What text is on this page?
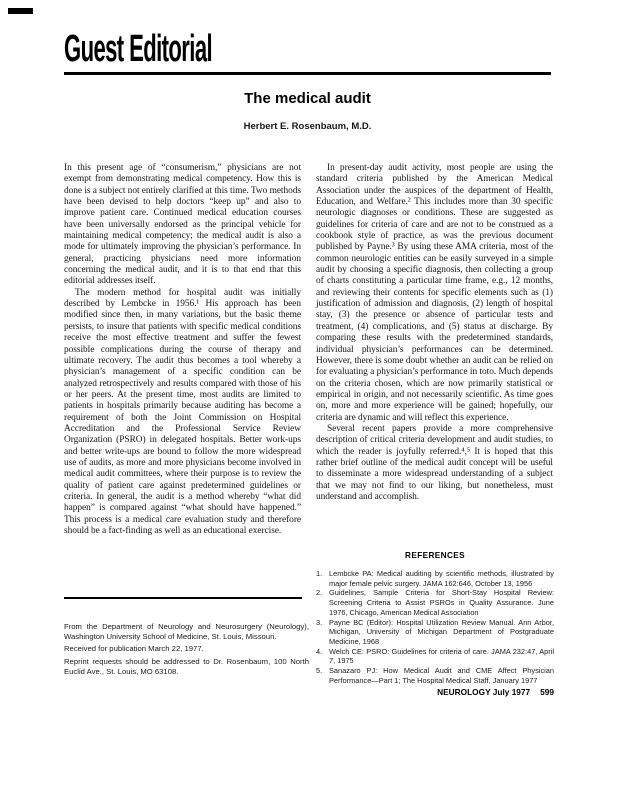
Guest Editorial
The medical audit
Herbert E. Rosenbaum, M.D.

In this present age of “consumerism,” physicians are not exempt from demonstrating medical competency. How this is done is a subject not entirely clarified at this time. Two methods have been devised to help doctors “keep up” and also to improve patient care. Continued medical education courses have been universally endorsed as the principal vehicle for maintaining medical competency; the medical audit is also a mode for ultimately improving the physician’s performance. In general, practicing physicians need more information concerning the medical audit, and it is to that end that this editorial addresses itself.

The modern method for hospital audit was initially described by Lembcke in 1956.¹ His approach has been modified since then, in many variations, but the basic theme persists, to insure that patients with specific medical conditions receive the most effective treatment and suffer the fewest possible complications during the course of therapy and ultimate recovery. The audit thus becomes a tool whereby a physician’s management of a specific condition can be analyzed retrospectively and results compared with those of his or her peers. At the present time, most audits are limited to patients in hospitals primarily because auditing has become a requirement of both the Joint Commission on Hospital Accreditation and the Professional Service Review Organization (PSRO) in delegated hospitals. Better work-ups and better write-ups are bound to follow the more widespread use of audits, as more and more physicians become involved in medical audit committees, where their purpose is to review the quality of patient care against predetermined guidelines or criteria. In general, the audit is a method whereby “what did happen” is compared against “what should have happened.” This process is a medical care evaluation study and therefore should be a fact-finding as well as an educational exercise.

In present-day audit activity, most people are using the standard criteria published by the American Medical Association under the auspices of the department of Health, Education, and Welfare.² This includes more than 30 specific neurologic diagnoses or conditions. These are suggested as guidelines for criteria of care and are not to be construed as a cookbook style of practice, as was the previous document published by Payne.³ By using these AMA criteria, most of the common neurologic entities can be easily surveyed in a simple audit by choosing a specific diagnosis, then collecting a group of charts constituting a particular time frame, e.g., 12 months, and reviewing their contents for specific elements such as (1) justification of admission and diagnosis, (2) length of hospital stay, (3) the presence or absence of particular tests and treatment, (4) complications, and (5) status at discharge. By comparing these results with the predetermined standards, individual physician’s performances can be determined. However, there is some doubt whether an audit can be relied on for evaluating a physician’s performance in toto. Much depends on the criteria chosen, which are now primarily statistical or empirical in origin, and not necessarily scientific. As time goes on, more and more experience will be gained; hopefully, our criteria are dynamic and will reflect this experience.

Several recent papers provide a more comprehensive description of critical criteria development and audit studies, to which the reader is joyfully referred.⁴,⁵ It is hoped that this rather brief outline of the medical audit concept will be useful to disseminate a more widespread understanding of a subject that we may not find to our liking, but nonetheless, must understand and accomplish.

From the Department of Neurology and Neurosurgery (Neurology), Washington University School of Medicine, St. Louis, Missouri.

Received for publication March 22, 1977.

Reprint requests should be addressed to Dr. Rosenbaum, 100 North Euclid Ave., St. Louis, MO 63108.

REFERENCES
1. Lembcke PA: Medical auditing by scientific methods, illustrated by major female pelvic surgery. JAMA 162:646, October 13, 1956
2. Guidelines, Sample Criteria for Short-Stay Hospital Review: Screening Criteria to Assist PSROs in Quality Assurance. June 1976, Chicago, American Medical Association
3. Payne BC (Editor): Hospital Utilization Review Manual. Ann Arbor, Michigan, University of Michigan Department of Postgraduate Medicine, 1968
4. Welch CE: PSRO: Guidelines for criteria of care. JAMA 232:47, April 7, 1975
5. Sanazaro PJ: How Medical Audit and CME Affect Physician Performance—Part 1; The Hospital Medical Staff, January 1977
NEUROLOGY July 1977 599
